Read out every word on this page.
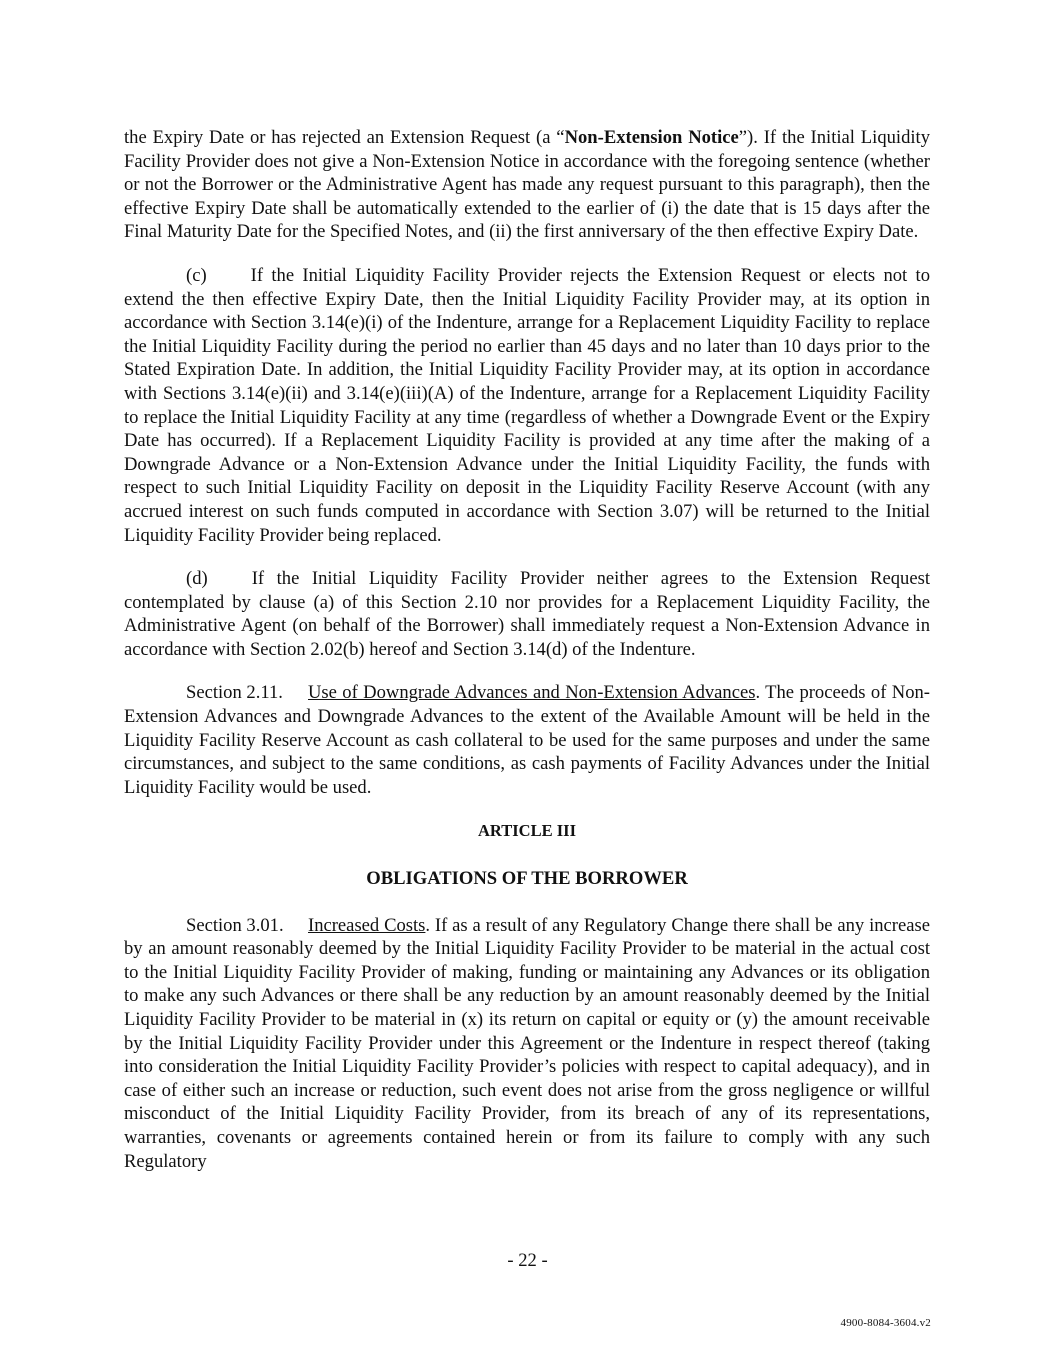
the Expiry Date or has rejected an Extension Request (a “Non-Extension Notice”). If the Initial Liquidity Facility Provider does not give a Non-Extension Notice in accordance with the foregoing sentence (whether or not the Borrower or the Administrative Agent has made any request pursuant to this paragraph), then the effective Expiry Date shall be automatically extended to the earlier of (i) the date that is 15 days after the Final Maturity Date for the Specified Notes, and (ii) the first anniversary of the then effective Expiry Date.

(c) If the Initial Liquidity Facility Provider rejects the Extension Request or elects not to extend the then effective Expiry Date, then the Initial Liquidity Facility Provider may, at its option in accordance with Section 3.14(e)(i) of the Indenture, arrange for a Replacement Liquidity Facility to replace the Initial Liquidity Facility during the period no earlier than 45 days and no later than 10 days prior to the Stated Expiration Date. In addition, the Initial Liquidity Facility Provider may, at its option in accordance with Sections 3.14(e)(ii) and 3.14(e)(iii)(A) of the Indenture, arrange for a Replacement Liquidity Facility to replace the Initial Liquidity Facility at any time (regardless of whether a Downgrade Event or the Expiry Date has occurred). If a Replacement Liquidity Facility is provided at any time after the making of a Downgrade Advance or a Non-Extension Advance under the Initial Liquidity Facility, the funds with respect to such Initial Liquidity Facility on deposit in the Liquidity Facility Reserve Account (with any accrued interest on such funds computed in accordance with Section 3.07) will be returned to the Initial Liquidity Facility Provider being replaced.

(d) If the Initial Liquidity Facility Provider neither agrees to the Extension Request contemplated by clause (a) of this Section 2.10 nor provides for a Replacement Liquidity Facility, the Administrative Agent (on behalf of the Borrower) shall immediately request a Non-Extension Advance in accordance with Section 2.02(b) hereof and Section 3.14(d) of the Indenture.

Section 2.11. Use of Downgrade Advances and Non-Extension Advances. The proceeds of Non-Extension Advances and Downgrade Advances to the extent of the Available Amount will be held in the Liquidity Facility Reserve Account as cash collateral to be used for the same purposes and under the same circumstances, and subject to the same conditions, as cash payments of Facility Advances under the Initial Liquidity Facility would be used.

ARTICLE III
OBLIGATIONS OF THE BORROWER

Section 3.01. Increased Costs. If as a result of any Regulatory Change there shall be any increase by an amount reasonably deemed by the Initial Liquidity Facility Provider to be material in the actual cost to the Initial Liquidity Facility Provider of making, funding or maintaining any Advances or its obligation to make any such Advances or there shall be any reduction by an amount reasonably deemed by the Initial Liquidity Facility Provider to be material in (x) its return on capital or equity or (y) the amount receivable by the Initial Liquidity Facility Provider under this Agreement or the Indenture in respect thereof (taking into consideration the Initial Liquidity Facility Provider’s policies with respect to capital adequacy), and in case of either such an increase or reduction, such event does not arise from the gross negligence or willful misconduct of the Initial Liquidity Facility Provider, from its breach of any of its representations, warranties, covenants or agreements contained herein or from its failure to comply with any such Regulatory

- 22 -
4900-8084-3604.v2
